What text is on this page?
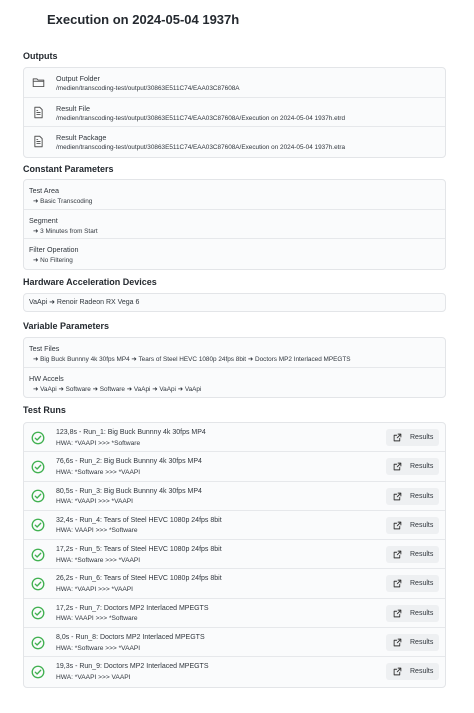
Execution on 2024-05-04 1937h
Outputs
Output Folder
/medien/transcoding-test/output/30863E511C74/EAA03C87608A
Result File
/medien/transcoding-test/output/30863E511C74/EAA03C87608A/Execution on 2024-05-04 1937h.etrd
Result Package
/medien/transcoding-test/output/30863E511C74/EAA03C87608A/Execution on 2024-05-04 1937h.etra
Constant Parameters
Test Area
➜ Basic Transcoding
Segment
➜ 3 Minutes from Start
Filter Operation
➜ No Filtering
Hardware Acceleration Devices
VaApi ➜ Renoir Radeon RX Vega 6
Variable Parameters
Test Files
➜ Big Buck Bunnny 4k 30fps MP4 ➜ Tears of Steel HEVC 1080p 24fps 8bit ➜ Doctors MP2 Interlaced MPEGTS
HW Accels
➜ VaApi ➜ Software ➜ Software ➜ VaApi ➜ VaApi ➜ VaApi
Test Runs
123,8s - Run_1: Big Buck Bunnny 4k 30fps MP4
HWA: *VAAPI >>> *Software
Results
76,6s - Run_2: Big Buck Bunnny 4k 30fps MP4
HWA: *Software >>> *VAAPI
Results
80,5s - Run_3: Big Buck Bunnny 4k 30fps MP4
HWA: *VAAPI >>> *VAAPI
Results
32,4s - Run_4: Tears of Steel HEVC 1080p 24fps 8bit
HWA: VAAPI >>> *Software
Results
17,2s - Run_5: Tears of Steel HEVC 1080p 24fps 8bit
HWA: *Software >>> *VAAPI
Results
26,2s - Run_6: Tears of Steel HEVC 1080p 24fps 8bit
HWA: *VAAPI >>> *VAAPI
Results
17,2s - Run_7: Doctors MP2 Interlaced MPEGTS
HWA: VAAPI >>> *Software
Results
8,0s - Run_8: Doctors MP2 Interlaced MPEGTS
HWA: *Software >>> *VAAPI
Results
19,3s - Run_9: Doctors MP2 Interlaced MPEGTS
HWA: *VAAPI >>> VAAPI
Results
